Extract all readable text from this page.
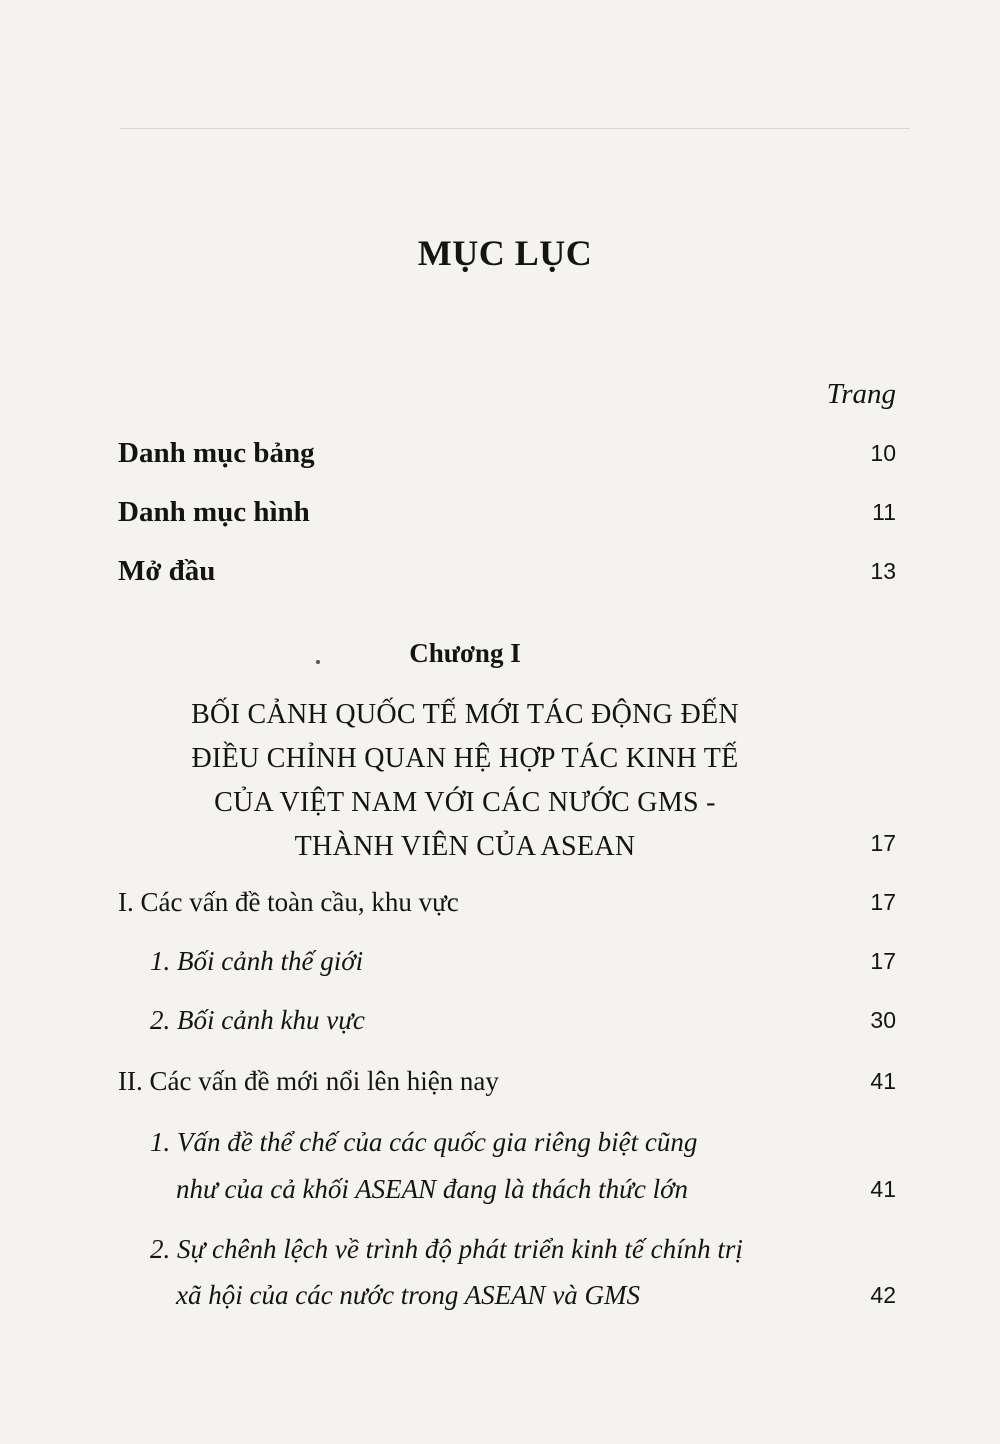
MỤC LỤC
Trang
Danh mục bảng	10
Danh mục hình	11
Mở đầu	13
Chương I
BỐI CẢNH QUỐC TẾ MỚI TÁC ĐỘNG ĐẾN
ĐIỀU CHỈNH QUAN HỆ HỢP TÁC KINH TẾ
CỦA VIỆT NAM VỚI CÁC NƯỚC GMS -
THÀNH VIÊN CỦA ASEAN	17
I. Các vấn đề toàn cầu, khu vực	17
1. Bối cảnh thế giới	17
2. Bối cảnh khu vực	30
II. Các vấn đề mới nổi lên hiện nay	41
1. Vấn đề thể chế của các quốc gia riêng biệt cũng
như của cả khối ASEAN đang là thách thức lớn	41
2. Sự chênh lệch về trình độ phát triển kinh tế chính trị
xã hội của các nước trong ASEAN và GMS	42
